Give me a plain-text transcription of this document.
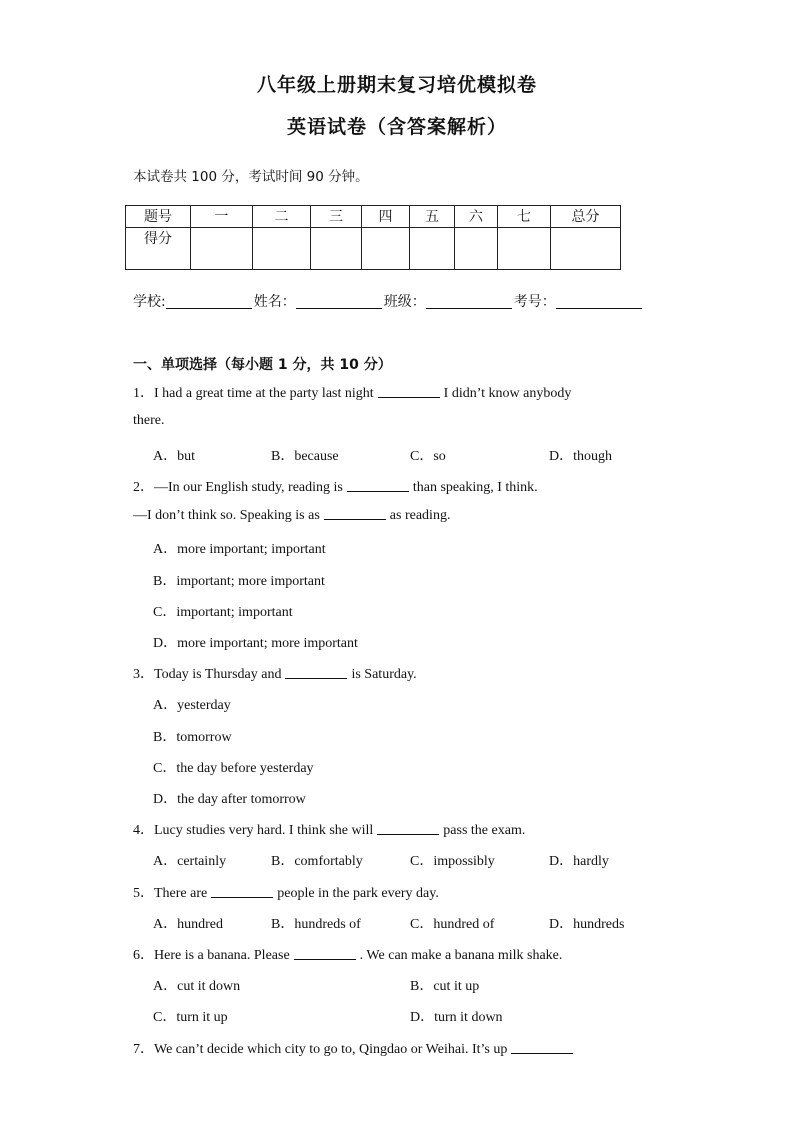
八年级上册期末复习培优模拟卷
英语试卷（含答案解析）
本试卷共 100 分，考试时间 90 分钟。
题号	一	二	三	四	五	六	七	总分
得分								
学校:	姓名：	班级：	考号：
一、单项选择（每小题 1 分，共 10 分）
1．I had a great time at the party last night	I didn’t know anybody
there.
A．but	B．because	C．so	D．though
2．—In our English study, reading is	than speaking, I think.
—I don’t think so. Speaking is as	as reading.
A．more important; important
B．important; more important
C．important; important
D．more important; more important
3．Today is Thursday and	is Saturday.
A．yesterday
B．tomorrow
C．the day before yesterday
D．the day after tomorrow
4．Lucy studies very hard. I think she will	pass the exam.
A．certainly	B．comfortably	C．impossibly	D．hardly
5．There are	people in the park every day.
A．hundred	B．hundreds of	C．hundred of	D．hundreds
6．Here is a banana. Please	. We can make a banana milk shake.
A．cut it down	B．cut it up
C．turn it up	D．turn it down
7．We can’t decide which city to go to, Qingdao or Weihai. It’s up
